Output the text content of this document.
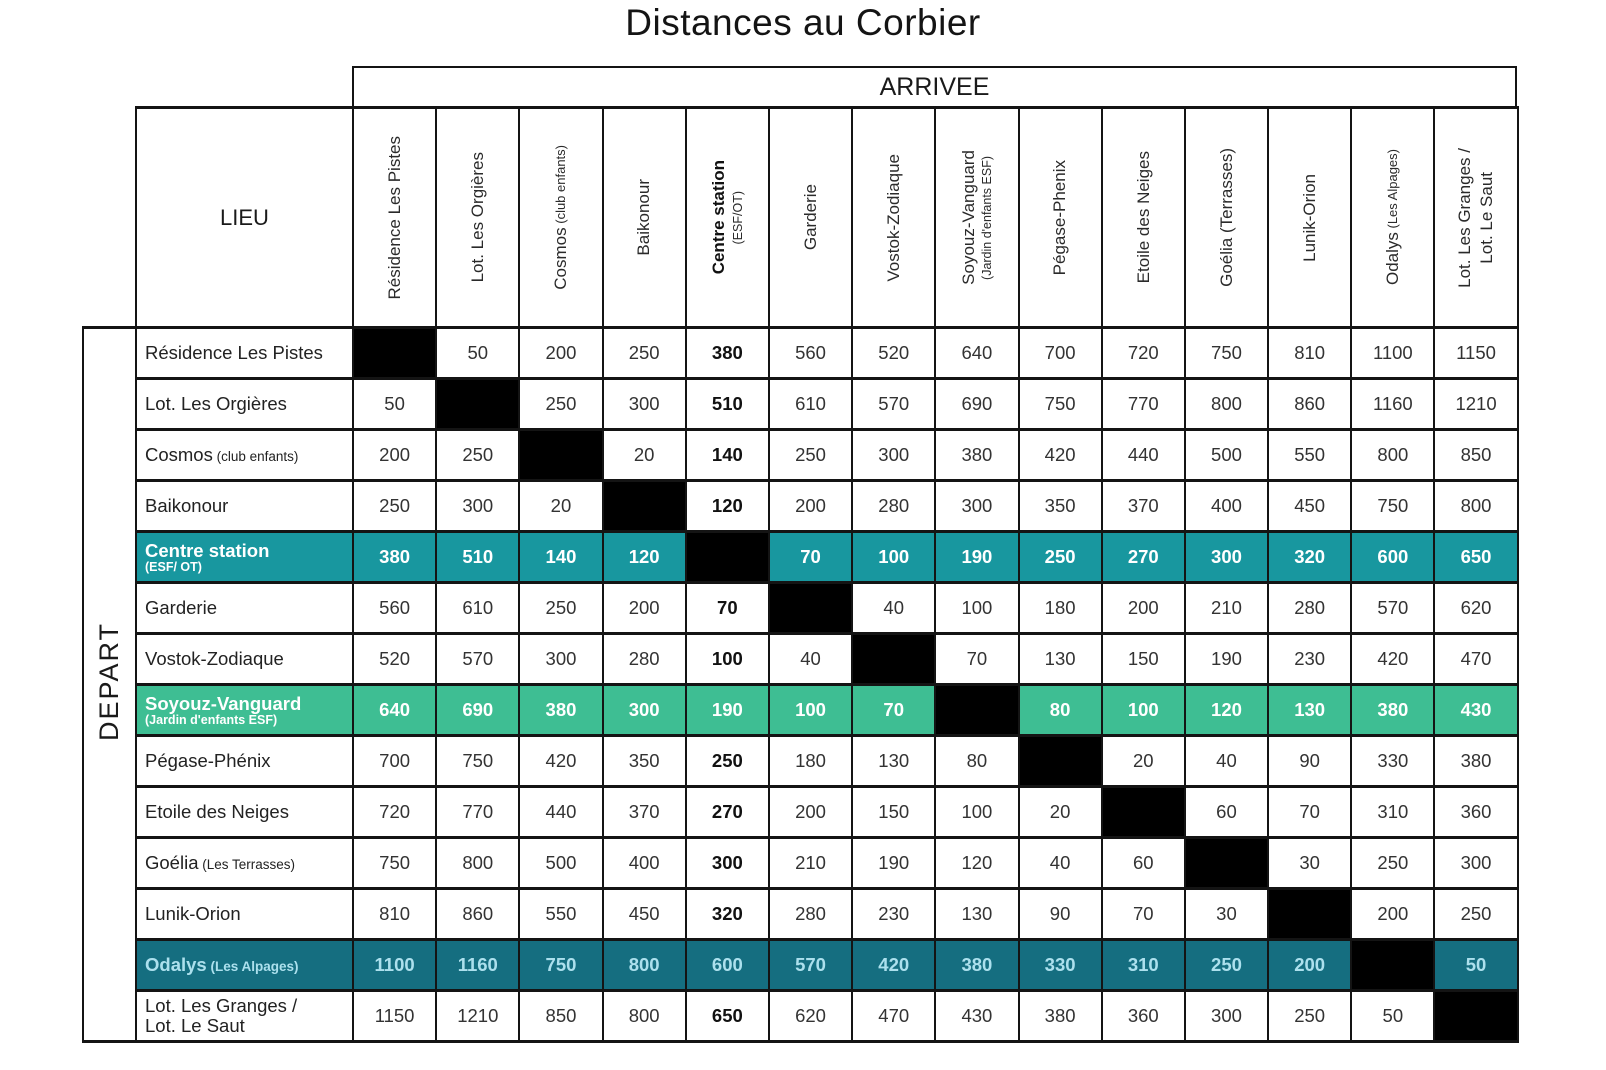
Distances au Corbier
ARRIVEE
	LIEU	Résidence Les Pistes	Lot. Les Orgières	Cosmos (club enfants)	Baikonour	Centre station (ESF/OT)	Garderie	Vostok-Zodiaque	Soyouz-Vanguard (Jardin d'enfants ESF)	Pégase-Phenix	Etoile des Neiges	Goélia (Terrasses)	Lunik-Orion	Odalys (Les Alpages)	Lot. Les Granges / Lot. Le Saut

DEPART	Résidence Les Pistes		50	200	250	380	560	520	640	700	720	750	810	1100	1150

	Lot. Les Orgières	50		250	300	510	610	570	690	750	770	800	860	1160	1210

	Cosmos (club enfants)	200	250		20	140	250	300	380	420	440	500	550	800	850

	Baikonour	250	300	20		120	200	280	300	350	370	400	450	750	800

	Centre station
(ESF/ OT)	380	510	140	120		70	100	190	250	270	300	320	600	650

	Garderie	560	610	250	200	70		40	100	180	200	210	280	570	620

	Vostok-Zodiaque	520	570	300	280	100	40		70	130	150	190	230	420	470

	Soyouz-Vanguard
(Jardin d'enfants ESF)	640	690	380	300	190	100	70		80	100	120	130	380	430

	Pégase-Phénix	700	750	420	350	250	180	130	80		20	40	90	330	380

	Etoile des Neiges	720	770	440	370	270	200	150	100	20		60	70	310	360

	Goélia (Les Terrasses)	750	800	500	400	300	210	190	120	40	60		30	250	300

	Lunik-Orion	810	860	550	450	320	280	230	130	90	70	30		200	250

	Odalys (Les Alpages)	1100	1160	750	800	600	570	420	380	330	310	250	200		50

	Lot. Les Granges /
Lot. Le Saut	1150	1210	850	800	650	620	470	430	380	360	300	250	50	
